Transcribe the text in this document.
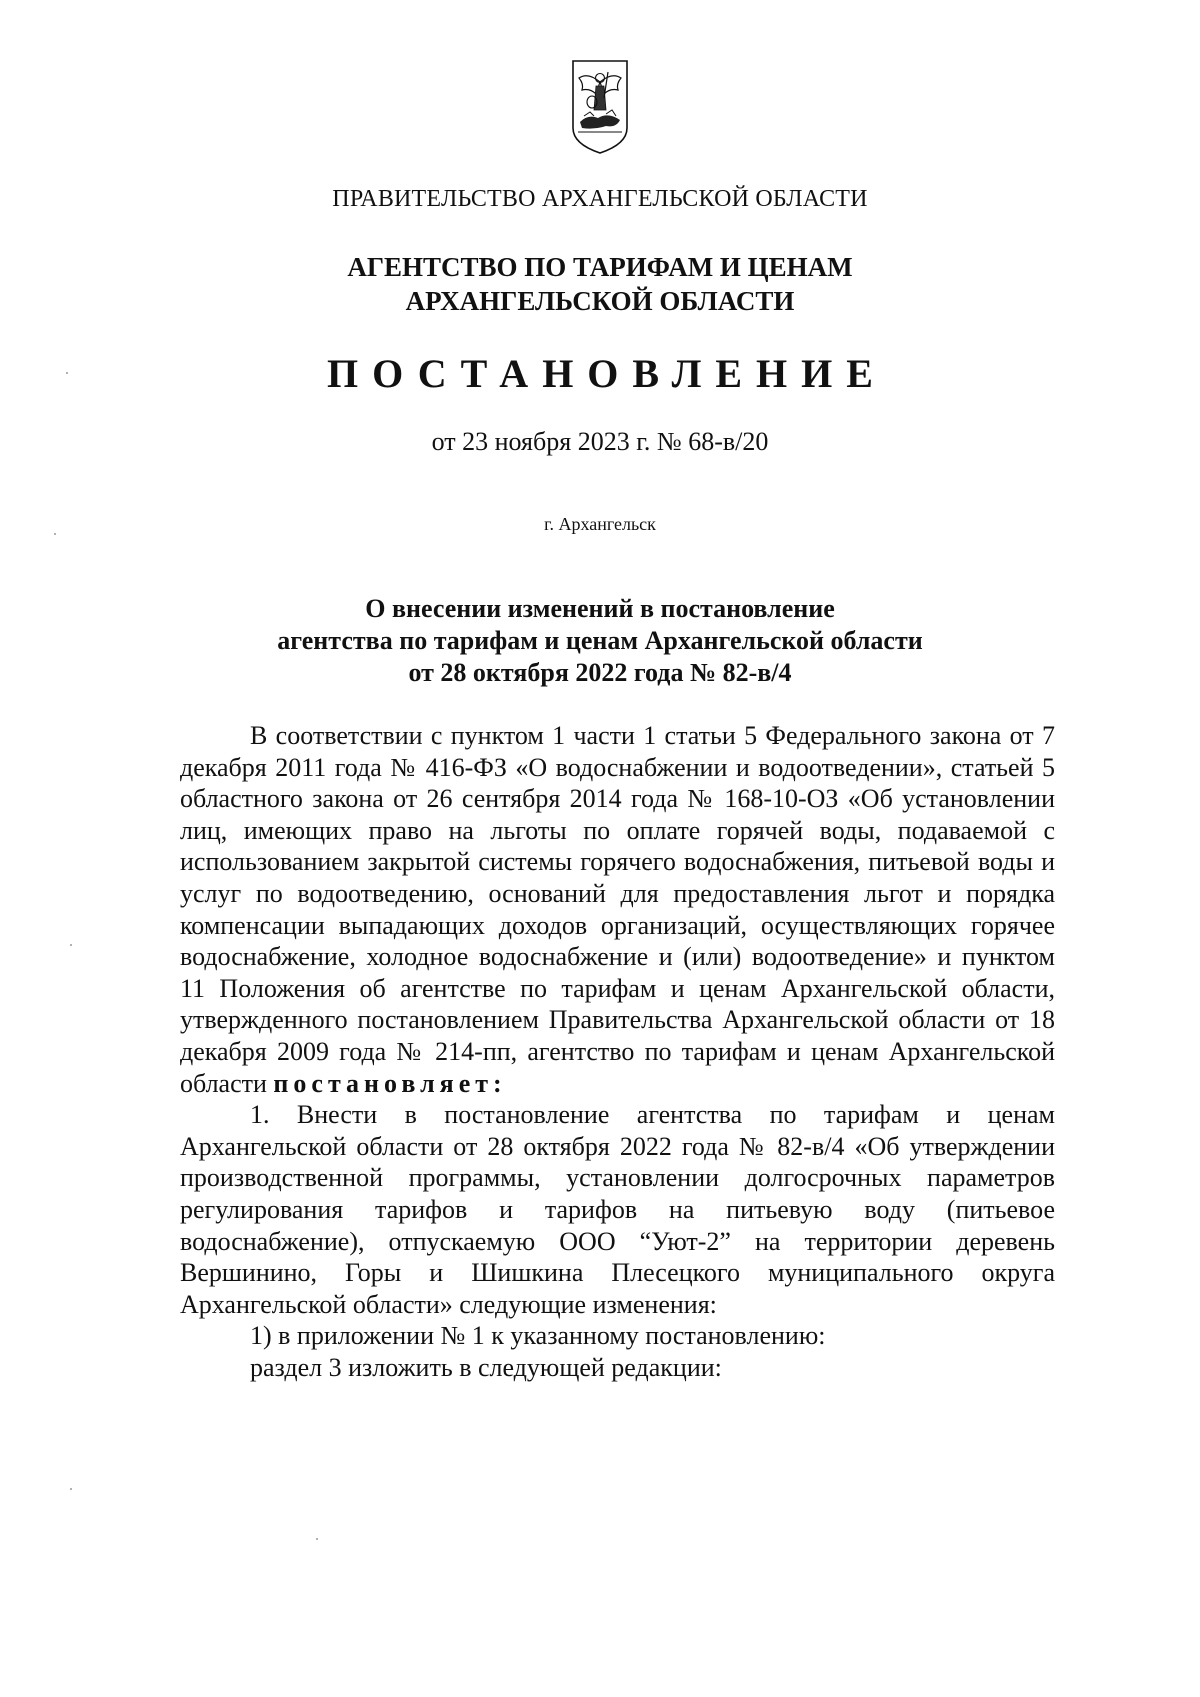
ПРАВИТЕЛЬСТВО АРХАНГЕЛЬСКОЙ ОБЛАСТИ

АГЕНТСТВО ПО ТАРИФАМ И ЦЕНАМ
АРХАНГЕЛЬСКОЙ ОБЛАСТИ

ПОСТАНОВЛЕНИЕ

от 23 ноября 2023 г. № 68-в/20

г. Архангельск

О внесении изменений в постановление
агентства по тарифам и ценам Архангельской области
от 28 октября 2022 года № 82-в/4

В соответствии с пунктом 1 части 1 статьи 5 Федерального закона от 7 декабря 2011 года № 416-ФЗ «О водоснабжении и водоотведении», статьей 5 областного закона от 26 сентября 2014 года № 168-10-ОЗ «Об установлении лиц, имеющих право на льготы по оплате горячей воды, подаваемой с использованием закрытой системы горячего водоснабжения, питьевой воды и услуг по водоотведению, оснований для предоставления льгот и порядка компенсации выпадающих доходов организаций, осуществляющих горячее водоснабжение, холодное водоснабжение и (или) водоотведение» и пунктом 11 Положения об агентстве по тарифам и ценам Архангельской области, утвержденного постановлением Правительства Архангельской области от 18 декабря 2009 года № 214-пп, агентство по тарифам и ценам Архангельской области постановляет:

1. Внести в постановление агентства по тарифам и ценам Архангельской области от 28 октября 2022 года № 82-в/4 «Об утверждении производственной программы, установлении долгосрочных параметров регулирования тарифов и тарифов на питьевую воду (питьевое водоснабжение), отпускаемую ООО “Уют-2” на территории деревень Вершинино, Горы и Шишкина Плесецкого муниципального округа Архангельской области» следующие изменения:

1) в приложении № 1 к указанному постановлению:

раздел 3 изложить в следующей редакции:
